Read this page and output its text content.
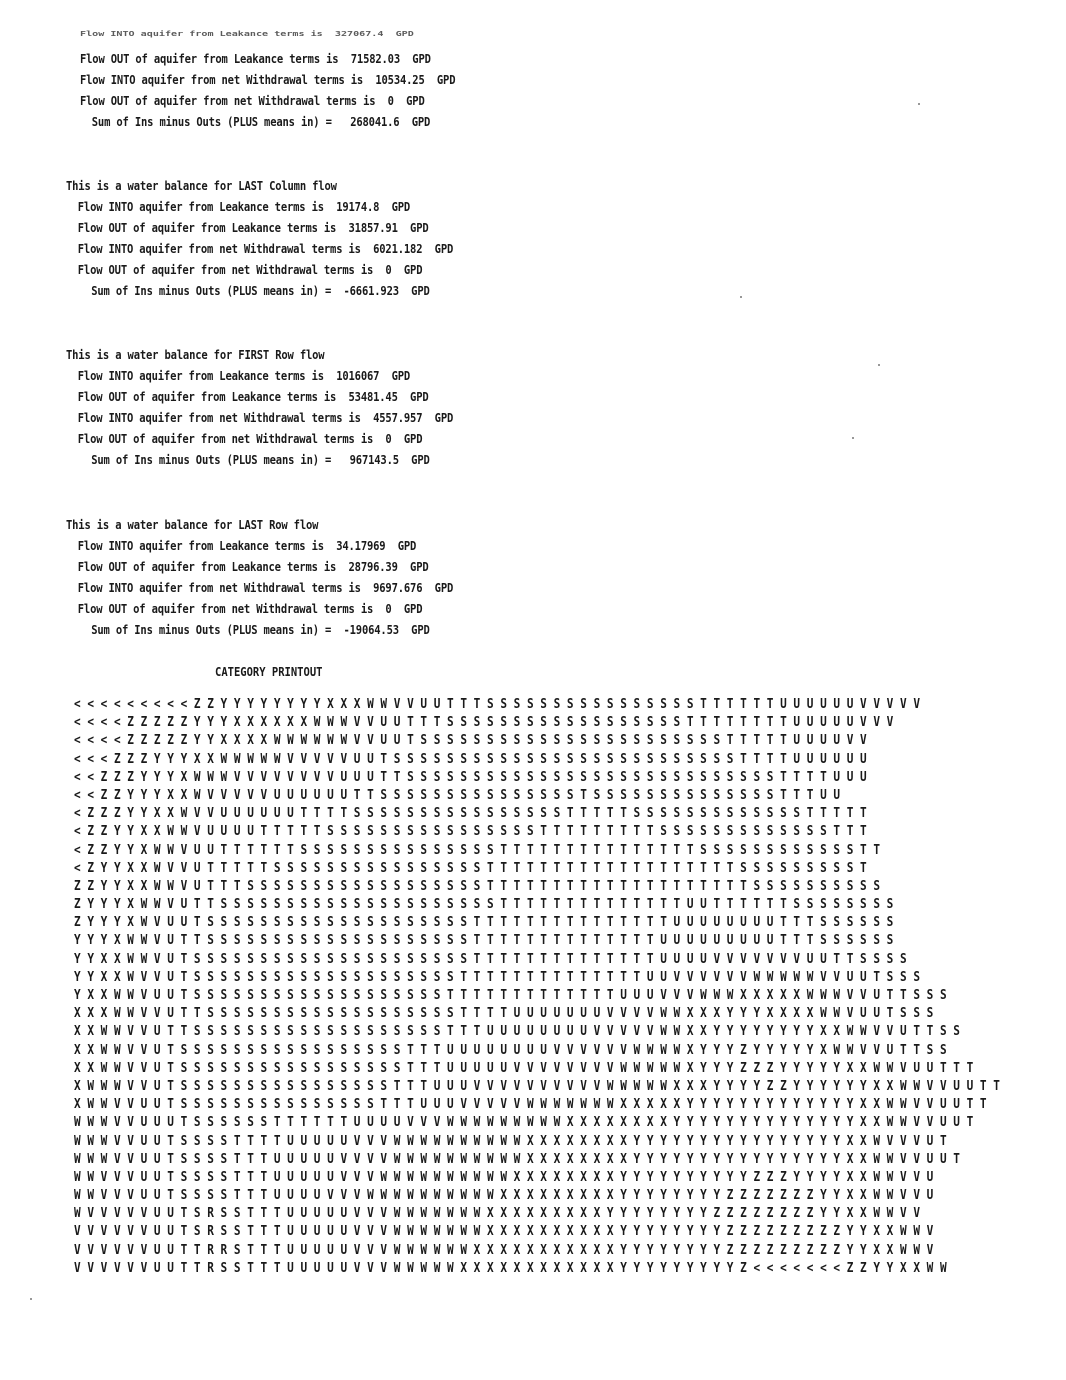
Flow INTO aquifer from Leakance terms is  327067.4  GPD
Flow OUT of aquifer from Leakance terms is  71582.03  GPD
Flow INTO aquifer from net Withdrawal terms is  10534.25  GPD
Flow OUT of aquifer from net Withdrawal terms is  0  GPD
Sum of Ins minus Outs (PLUS means in) =   268041.6  GPD
This is a water balance for LAST Column flow
Flow INTO aquifer from Leakance terms is  19174.8  GPD
Flow OUT of aquifer from Leakance terms is  31857.91  GPD
Flow INTO aquifer from net Withdrawal terms is  6021.182  GPD
Flow OUT of aquifer from net Withdrawal terms is  0  GPD
Sum of Ins minus Outs (PLUS means in) =  -6661.923  GPD
This is a water balance for FIRST Row flow
Flow INTO aquifer from Leakance terms is  1016067  GPD
Flow OUT of aquifer from Leakance terms is  53481.45  GPD
Flow INTO aquifer from net Withdrawal terms is  4557.957  GPD
Flow OUT of aquifer from net Withdrawal terms is  0  GPD
Sum of Ins minus Outs (PLUS means in) =   967143.5  GPD
This is a water balance for LAST Row flow
Flow INTO aquifer from Leakance terms is  34.17969  GPD
Flow OUT of aquifer from Leakance terms is  28796.39  GPD
Flow INTO aquifer from net Withdrawal terms is  9697.676  GPD
Flow OUT of aquifer from net Withdrawal terms is  0  GPD
Sum of Ins minus Outs (PLUS means in) =  -19064.53  GPD
CATEGORY PRINTOUT
< < < < < < < < < Z Z Y Y Y Y Y Y Y Y X X X W W V V U U T T T S S S S S S S S S S S S S S S S T T T T T T U U U U U U V V V V V
< < < < Z Z Z Z Z Y Y Y X X X X X X W W W V V U U T T T S S S S S S S S S S S S S S S S S S T T T T T T T T U U U U U V V V
< < < < Z Z Z Z Z Y Y X X X X W W W W W W V V U U T S S S S S S S S S S S S S S S S S S S S S S S T T T T T U U U U V V
< < < Z Z Z Y Y Y X X W W W W W V V V V V U U T S S S S S S S S S S S S S S S S S S S S S S S S S S T T T T U U U U U U
< < Z Z Z Y Y Y X W W W V V V V V V V V U U U T T S S S S S S S S S S S S S S S S S S S S S S S S S S S S T T T T U U U
< < Z Z Y Y Y X X W V V V V V U U U U U U T T S S S S S S S S S S S S S S S T S S S S S S S S S S S S S S T T T U U
< Z Z Z Y Y X X W V V U U U U U U T T T T S S S S S S S S S S S S S S S S T T T T T S S S S S S S S S S S S S T T T T T
< Z Z Y Y X X W W V U U U U T T T T T S S S S S S S S S S S S S S S S T T T T T T T T T S S S S S S S S S S S S S T T T
< Z Z Y Y X W W V U U T T T T T T S S S S S S S S S S S S S S S T T T T T T T T T T T T T T T S S S S S S S S S S S S T T
< Z Y Y X X W V V U T T T T T S S S S S S S S S S S S S S S S T T T T T T T T T T T T T T T T T T T S S S S S S S S S T
Z Z Y Y X X W W V U T T T S S S S S S S S S S S S S S S S S S T T T T T T T T T T T T T T T T T T T T S S S S S S S S S S
Z Y Y Y X W W V U T T S S S S S S S S S S S S S S S S S S S S S T T T T T T T T T T T T T T U U T T T T T T S S S S S S S S
Z Y Y Y X W V U U T S S S S S S S S S S S S S S S S S S S S T T T T T T T T T T T T T T T U U U U U U U U T T T S S S S S S
Y Y Y X W W V U T T S S S S S S S S S S S S S S S S S S S S T T T T T T T T T T T T T T U U U U U U U U U T T T S S S S S S
Y Y X X W W V U T S S S S S S S S S S S S S S S S S S S S S T T T T T T T T T T T T T T U U U U V V V V V V V U U T T S S S S
Y Y X X W V V U T S S S S S S S S S S S S S S S S S S S S T T T T T T T T T T T T T T U U V V V V V V W W W W W V V U U T S S S
Y X X W W V U U T S S S S S S S S S S S S S S S S S S S T T T T T T T T T T T T T U U U V V V W W W X X X X X W W W V V U T T S S S
X X X W W V V U T T S S S S S S S S S S S S S S S S S S S T T T T U U U U U U U V V V V W W X X X Y Y Y X X X X W W V U U T S S S
X X W W V V U T T S S S S S S S S S S S S S S S S S S S T T T U U U U U U U U V V V V V W W X X Y Y Y Y Y Y Y Y X X W W V V U T T S S
X X W W V V U T S S S S S S S S S S S S S S S S S T T T U U U U U U U U V V V V V V W W W W X Y Y Y Z Y Y Y Y Y X W W V V U T T S S
X X W W V V U T S S S S S S S S S S S S S S S S S T T T U U U U U V V V V V V V V W W W W W X Y Y Y Z Z Z Y Y Y Y Y X X W W V U U T T T
X W W W V V U T S S S S S S S S S S S S S S S S T T T U U U V V V V V V V V V V W W W W W X X X Y Y Y Y Z Z Y Y Y Y Y Y X X W W V V U U T T
X W W V V U U T S S S S S S S S S S S S S S S T T T U U U V V V V V W W W W W W W X X X X X Y Y Y Y Y Y Y Y Y Y Y Y Y X X W W V V U U T T
W W W V V U U U T S S S S S S T T T T T T U U U U V V V W W W W W W W W W X X X X X X X X Y Y Y Y Y Y Y Y Y Y Y Y Y Y X X W W V V U U T
W W W V V U U T S S S S T T T T U U U U U V V V W W W W W W W W W W X X X X X X X X Y Y Y Y Y Y Y Y Y Y Y Y Y Y Y Y X X W V V V U T
W W W V V U U T S S S S T T T U U U U U V V V V W W W W W W W W W W X X X X X X X X Y Y Y Y Y Y Y Y Y Y Y Y Y Y Y Y X X W W V V U U T
W W V V V U U T S S S S T T T U U U U U V V V W W W W W W W W W W X X X X X X X X Y Y Y Y Y Y Y Y Y Y Z Z Z Y Y Y Y X X W W V V U
W W V V V U U T S S S S T T T U U U U V V V W W W W W W W W W W X X X X X X X X X Y Y Y Y Y Y Y Y Z Z Z Z Z Z Z Y Y X X W W V V U
W V V V V V U U T S R S S T T T U U U U U V V V W W W W W W W X X X X X X X X X Y Y Y Y Y Y Y Y Z Z Z Z Z Z Z Z Y Y X X W W V V
V V V V V V U U T S R S S T T T U U U U U V V V W W W W W W W X X X X X X X X X X Y Y Y Y Y Y Y Y Z Z Z Z Z Z Z Z Z Y Y X X W W V
V V V V V V U U T T R R S T T T U U U U U V V V W W W W W W X X X X X X X X X X X Y Y Y Y Y Y Y Y Z Z Z Z Z Z Z Z Z Y Y X X W W V
V V V V V V U U T T R S S T T T U U U U U V V V W W W W W X X X X X X X X X X X X Y Y Y Y Y Y Y Y Y Z < < < < < < < Z Z Y Y X X W W
